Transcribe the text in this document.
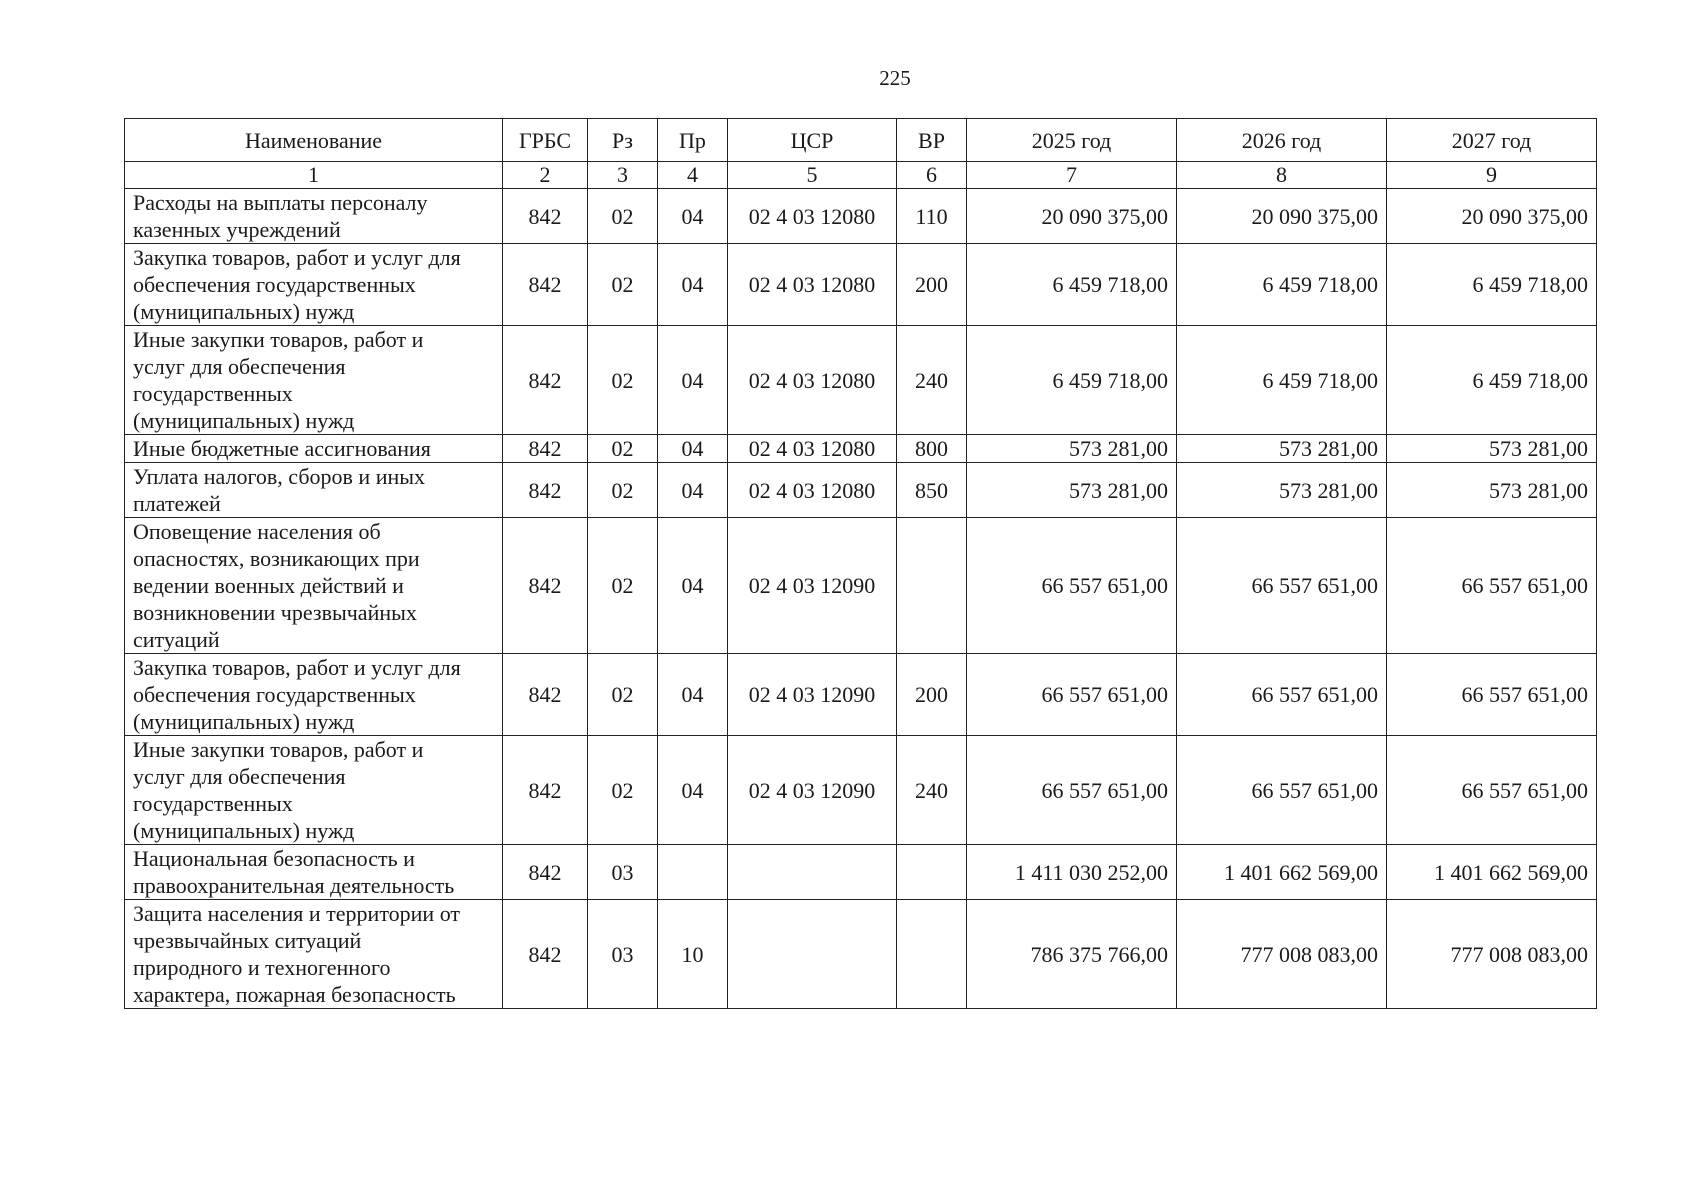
225
Наименование	ГРБС	Рз	Пр	ЦСР	ВР	2025 год	2026 год	2027 год
1	2	3	4	5	6	7	8	9
Расходы на выплаты персоналу
казенных учреждений	842	02	04	02 4 03 12080	110	20 090 375,00	20 090 375,00	20 090 375,00
Закупка товаров, работ и услуг для
обеспечения государственных
(муниципальных) нужд	842	02	04	02 4 03 12080	200	6 459 718,00	6 459 718,00	6 459 718,00
Иные закупки товаров, работ и
услуг для обеспечения
государственных
(муниципальных) нужд	842	02	04	02 4 03 12080	240	6 459 718,00	6 459 718,00	6 459 718,00
Иные бюджетные ассигнования	842	02	04	02 4 03 12080	800	573 281,00	573 281,00	573 281,00
Уплата налогов, сборов и иных
платежей	842	02	04	02 4 03 12080	850	573 281,00	573 281,00	573 281,00
Оповещение населения об
опасностях, возникающих при
ведении военных действий и
возникновении чрезвычайных
ситуаций	842	02	04	02 4 03 12090		66 557 651,00	66 557 651,00	66 557 651,00
Закупка товаров, работ и услуг для
обеспечения государственных
(муниципальных) нужд	842	02	04	02 4 03 12090	200	66 557 651,00	66 557 651,00	66 557 651,00
Иные закупки товаров, работ и
услуг для обеспечения
государственных
(муниципальных) нужд	842	02	04	02 4 03 12090	240	66 557 651,00	66 557 651,00	66 557 651,00
Национальная безопасность и
правоохранительная деятельность	842	03				1 411 030 252,00	1 401 662 569,00	1 401 662 569,00
Защита населения и территории от
чрезвычайных ситуаций
природного и техногенного
характера, пожарная безопасность	842	03	10			786 375 766,00	777 008 083,00	777 008 083,00
